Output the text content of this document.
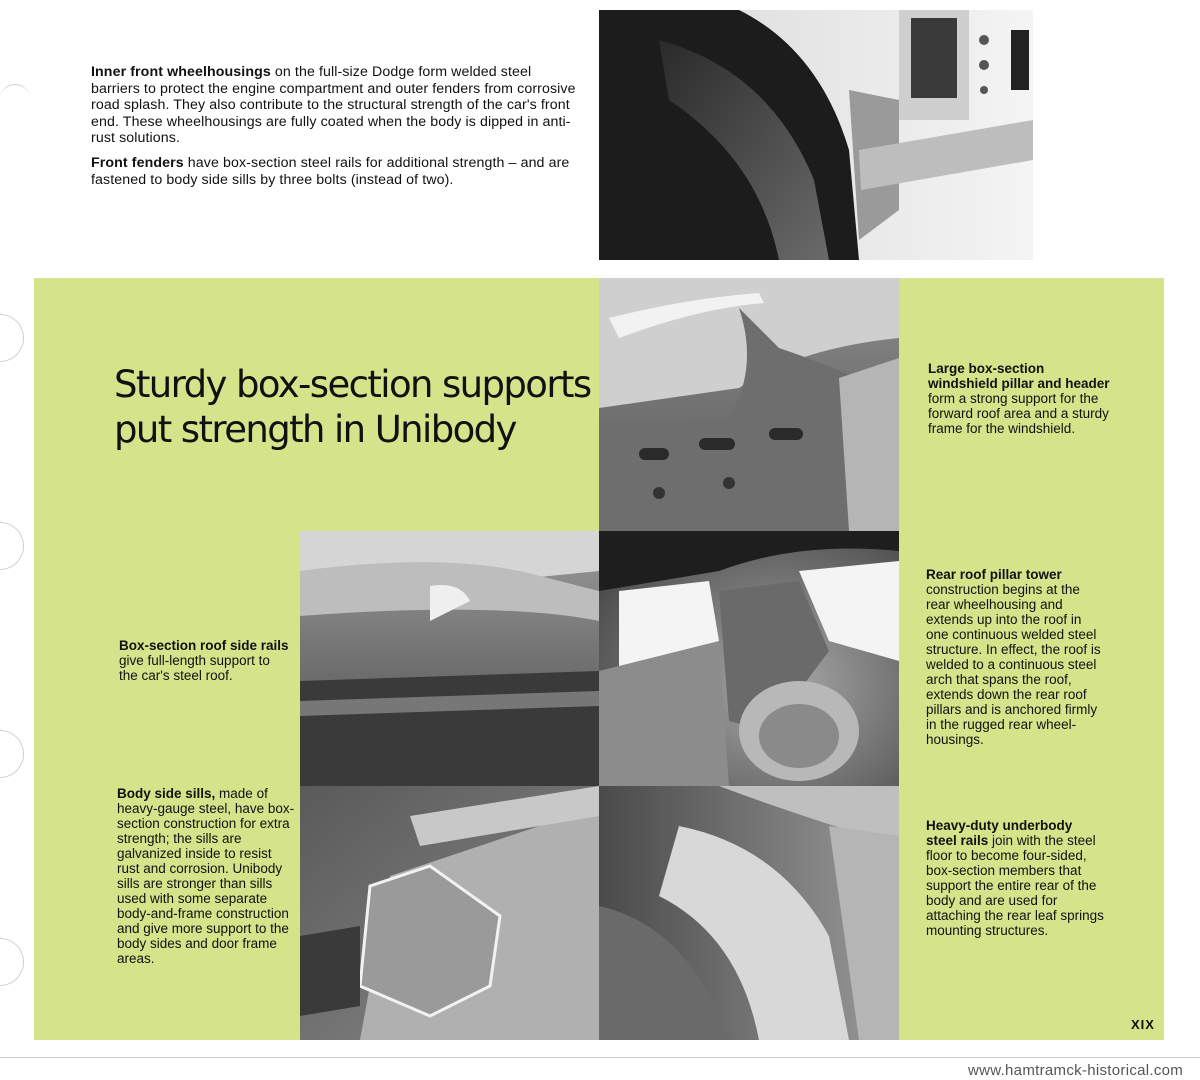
Inner front wheelhousings on the full-size Dodge form welded steel barriers to protect the engine compartment and outer fenders from corrosive road splash. They also contribute to the structural strength of the car's front end. These wheelhousings are fully coated when the body is dipped in anti-rust solutions.

Front fenders have box-section steel rails for additional strength – and are fastened to body side sills by three bolts (instead of two).

Sturdy box-section supports
put strength in Unibody
Large box-section windshield pillar and header form a strong support for the forward roof area and a sturdy frame for the windshield.
Box-section roof side rails give full-length support to the car's steel roof.
Rear roof pillar tower construction begins at the rear wheelhousing and extends up into the roof in one continuous welded steel structure. In effect, the roof is welded to a continuous steel arch that spans the roof, extends down the rear roof pillars and is anchored firmly in the rugged rear wheel-housings.
Body side sills, made of heavy-gauge steel, have box-section construction for extra strength; the sills are galvanized inside to resist rust and corrosion. Unibody sills are stronger than sills used with some separate body-and-frame construction and give more support to the body sides and door frame areas.
Heavy-duty underbody steel rails join with the steel floor to become four-sided, box-section members that support the entire rear of the body and are used for attaching the rear leaf springs mounting structures.
XIX
www.hamtramck-historical.com
